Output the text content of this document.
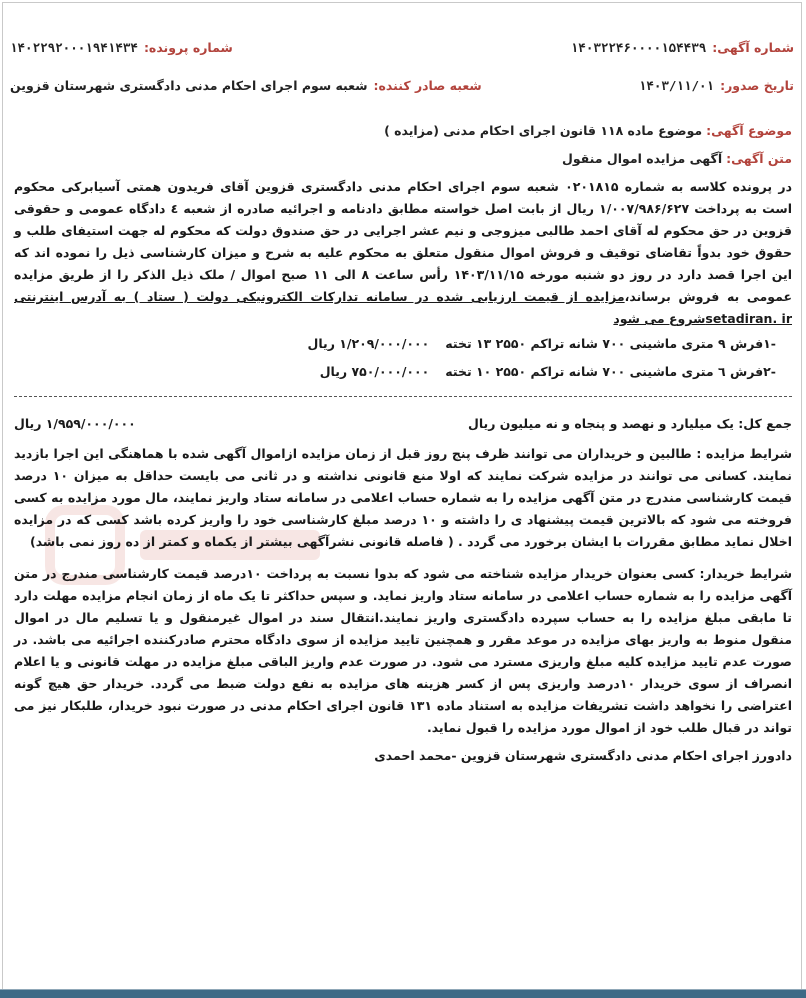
شماره آگهی:
۱۴۰۳۲۲۴۶۰۰۰۰۱۵۴۴۳۹
شماره پرونده:
۱۴۰۲۲۹۲۰۰۰۱۹۴۱۴۳۴
تاریخ صدور:
۱۴۰۳/۱۱/۰۱
شعبه صادر کننده:
شعبه سوم اجرای احکام مدنی دادگستری شهرستان قزوین
موضوع آگهی: موضوع ماده ۱۱۸ قانون اجرای احکام مدنی (مزایده )
متن آگهی: آگهی مزایده اموال منقول

در پرونده کلاسه به شماره ۰۲۰۱۸۱۵ شعبه سوم اجرای احکام مدنی دادگستری قزوین آقای فریدون همتی آسیابرکی محکوم است به پرداخت ۱/۰۰۷/۹۸۶/۶۲۷ ریال از بابت اصل خواسته مطابق دادنامه و اجرائیه صادره از شعبه ٤ دادگاه عمومی و حقوقی قزوین در حق محکوم له آقای احمد طالبی میزوجی و نیم عشر اجرایی در حق صندوق دولت که محکوم له جهت استیفای طلب و حقوق خود بدواً تقاضای توقیف و فروش اموال منقول متعلق به محکوم علیه به شرح و میزان کارشناسی ذیل را نموده اند که این اجرا قصد دارد در روز دو شنبه مورخه ۱۴۰۳/۱۱/۱۵ رأس ساعت ۸ الی ۱۱ صبح اموال / ملک ذیل الذکر را از طریق مزایده عمومی به فروش برساند،مزایده از قیمت ارزیابی شده در سامانه تدارکات الکترونیکی دولت ( ستاد ) به آدرس اینترنتی setadiran. irشروع می شود

-۱فرش ۹ متری ماشینی ۷۰۰ شانه تراکم ۲۵۵۰ ۱۳ تخته
۱/۲۰۹/۰۰۰/۰۰۰ ریال
-۲فرش ٦ متری ماشینی ۷۰۰ شانه تراکم ۲۵۵۰ ۱۰ تخته
۷۵۰/۰۰۰/۰۰۰ ریال
جمع کل: یک میلیارد و نهصد و پنجاه و نه میلیون ریال
۱/۹۵۹/۰۰۰/۰۰۰ ریال

شرایط مزایده : طالبین و خریداران می توانند ظرف پنج روز قبل از زمان مزایده ازاموال آگهی شده با هماهنگی این اجرا بازدید نمایند. کسانی می توانند در مزایده شرکت نمایند که اولا منع قانونی نداشته و در ثانی می بایست حداقل به میزان ۱۰ درصد قیمت کارشناسی مندرج در متن آگهی مزایده را به شماره حساب اعلامی در سامانه ستاد واریز نمایند، مال مورد مزایده به کسی فروخته می شود که بالاترین قیمت پیشنهاد ی را داشته و ۱۰ درصد مبلغ کارشناسی خود را واریز کرده باشد کسی که در مزایده اخلال نماید مطابق مقررات با ایشان برخورد می گردد . ( فاصله قانونی نشرآگهی بیشتر از یکماه و کمتر از ده روز نمی باشد)

شرایط خریدار: کسی بعنوان خریدار مزایده شناخته می شود که بدوا نسبت به پرداخت ۱۰درصد قیمت کارشناسی مندرج در متن آگهی مزایده را به شماره حساب اعلامی در سامانه ستاد واریز نماید. و سپس حداکثر تا یک ماه از زمان انجام مزایده مهلت دارد تا مابقی مبلغ مزایده را به حساب سپرده دادگستری واریز نمایند.انتقال سند در اموال غیرمنقول و یا تسلیم مال در اموال منقول منوط به واریز بهای مزایده در موعد مقرر و همچنین تایید مزایده از سوی دادگاه محترم صادرکننده اجرائیه می باشد. در صورت عدم تایید مزایده کلیه مبلغ واریزی مسترد می شود. در صورت عدم واریز الباقی مبلغ مزایده در مهلت قانونی و یا اعلام انصراف از سوی خریدار ۱۰درصد واریزی پس از کسر هزینه های مزایده به نفع دولت ضبط می گردد. خریدار حق هیچ گونه اعتراضی را نخواهد داشت تشریفات مزایده به استناد ماده ۱۳۱ قانون اجرای احکام مدنی در صورت نبود خریدار، طلبکار نیز می تواند در قبال طلب خود از اموال مورد مزایده را قبول نماید.

دادورز اجرای احکام مدنی دادگستری شهرستان قزوین -محمد احمدی
